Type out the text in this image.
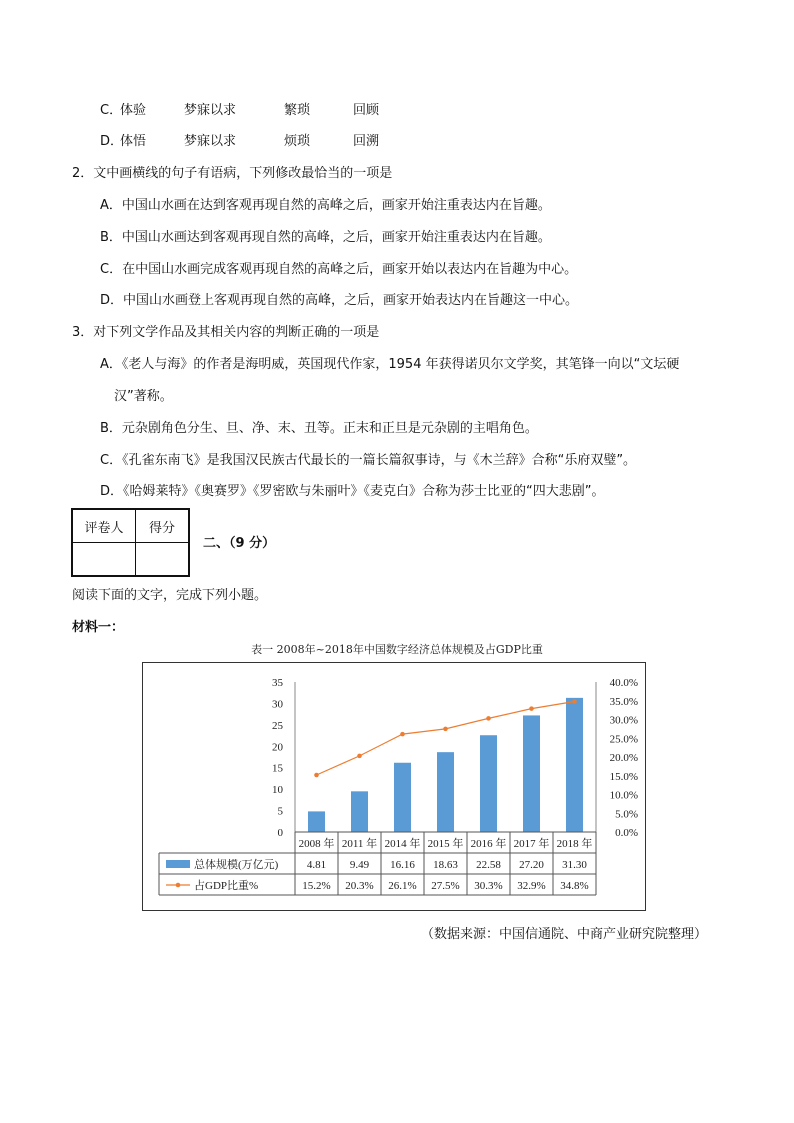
C．
体验	梦寐以求	繁琐	回顾
D．
体悟	梦寐以求	烦琐	回溯
2．文中画横线的句子有语病，下列修改最恰当的一项是
A．中国山水画在达到客观再现自然的高峰之后，画家开始注重表达内在旨趣。
B．中国山水画达到客观再现自然的高峰，之后，画家开始注重表达内在旨趣。
C．在中国山水画完成客观再现自然的高峰之后，画家开始以表达内在旨趣为中心。
D．中国山水画登上客观再现自然的高峰，之后，画家开始表达内在旨趣这一中心。
3．对下列文学作品及其相关内容的判断正确的一项是
A．《老人与海》的作者是海明威，英国现代作家，1954 年获得诺贝尔文学奖，其笔锋一向以“文坛硬
汉”著称。
B．元杂剧角色分生、旦、净、末、丑等。正末和正旦是元杂剧的主唱角色。
C．《孔雀东南飞》是我国汉民族古代最长的一篇长篇叙事诗，与《木兰辞》合称“乐府双璧”。
D．《哈姆莱特》《奥赛罗》《罗密欧与朱丽叶》《麦克白》合称为莎士比亚的“四大悲剧”。
评卷人	得分

二、（9 分）
阅读下面的文字，完成下列小题。
材料一：
表一 2008年~2018年中国数字经济总体规模及占GDP比重
0
5
10
15
20
25
30
35
0.0%
5.0%
10.0%
15.0%
20.0%
25.0%
30.0%
35.0%
40.0%
2008 年 2011 年 2014 年 2015 年 2016 年 2017 年 2018 年
总体规模(万亿元)	4.81 9.49 16.16 18.63 22.58 27.20 31.30
占GDP比重%	15.2% 20.3% 26.1% 27.5% 30.3% 32.9% 34.8%
（数据来源：中国信通院、中商产业研究院整理）
